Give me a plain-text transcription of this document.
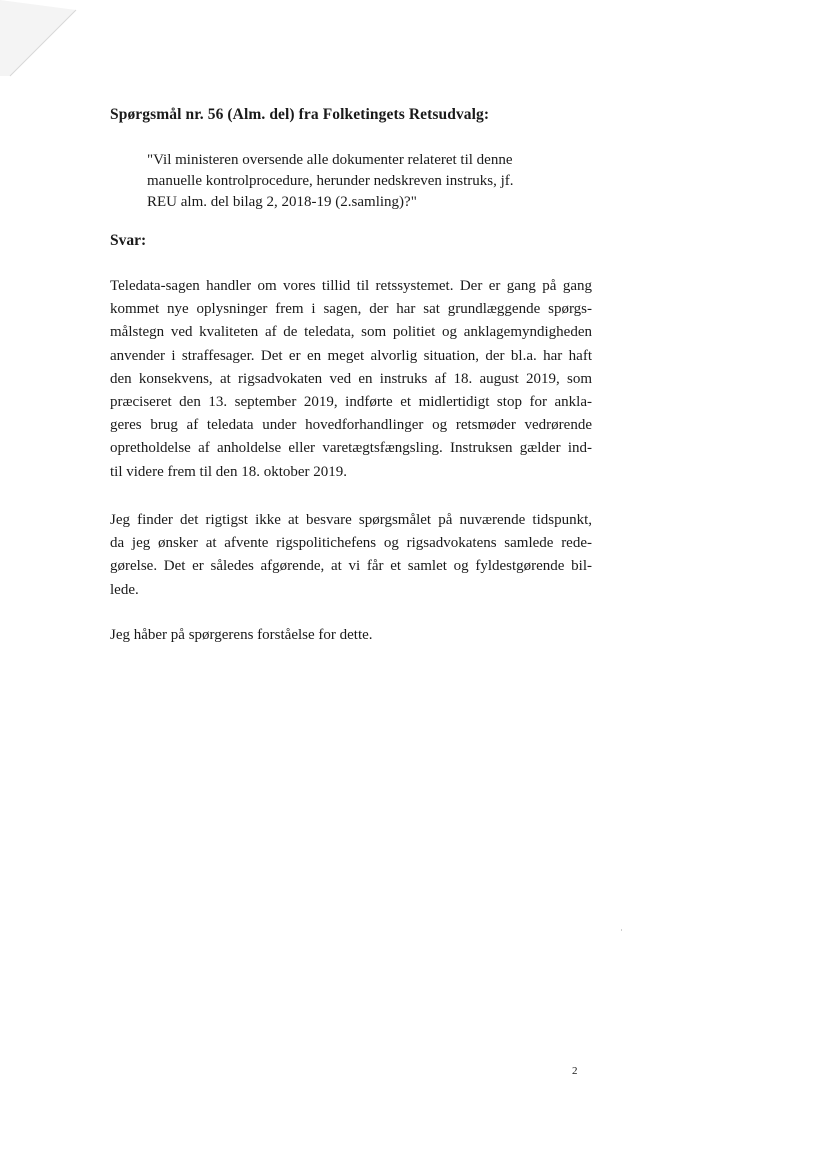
Spørgsmål nr. 56 (Alm. del) fra Folketingets Retsudvalg:
"Vil ministeren oversende alle dokumenter relateret til denne
manuelle kontrolprocedure, herunder nedskreven instruks, jf.
REU alm. del bilag 2, 2018-19 (2.samling)?"
Svar:
Teledata-sagen handler om vores tillid til retssystemet. Der er gang på gang
kommet nye oplysninger frem i sagen, der har sat grundlæggende spørgs-
målstegn ved kvaliteten af de teledata, som politiet og anklagemyndigheden
anvender i straffesager. Det er en meget alvorlig situation, der bl.a. har haft
den konsekvens, at rigsadvokaten ved en instruks af 18. august 2019, som
præciseret den 13. september 2019, indførte et midlertidigt stop for ankla-
geres brug af teledata under hovedforhandlinger og retsmøder vedrørende
opretholdelse af anholdelse eller varetægtsfængsling. Instruksen gælder ind-
til videre frem til den 18. oktober 2019.
Jeg finder det rigtigst ikke at besvare spørgsmålet på nuværende tidspunkt,
da jeg ønsker at afvente rigspolitichefens og rigsadvokatens samlede rede-
gørelse. Det er således afgørende, at vi får et samlet og fyldestgørende bil-
lede.
Jeg håber på spørgerens forståelse for dette.
2
